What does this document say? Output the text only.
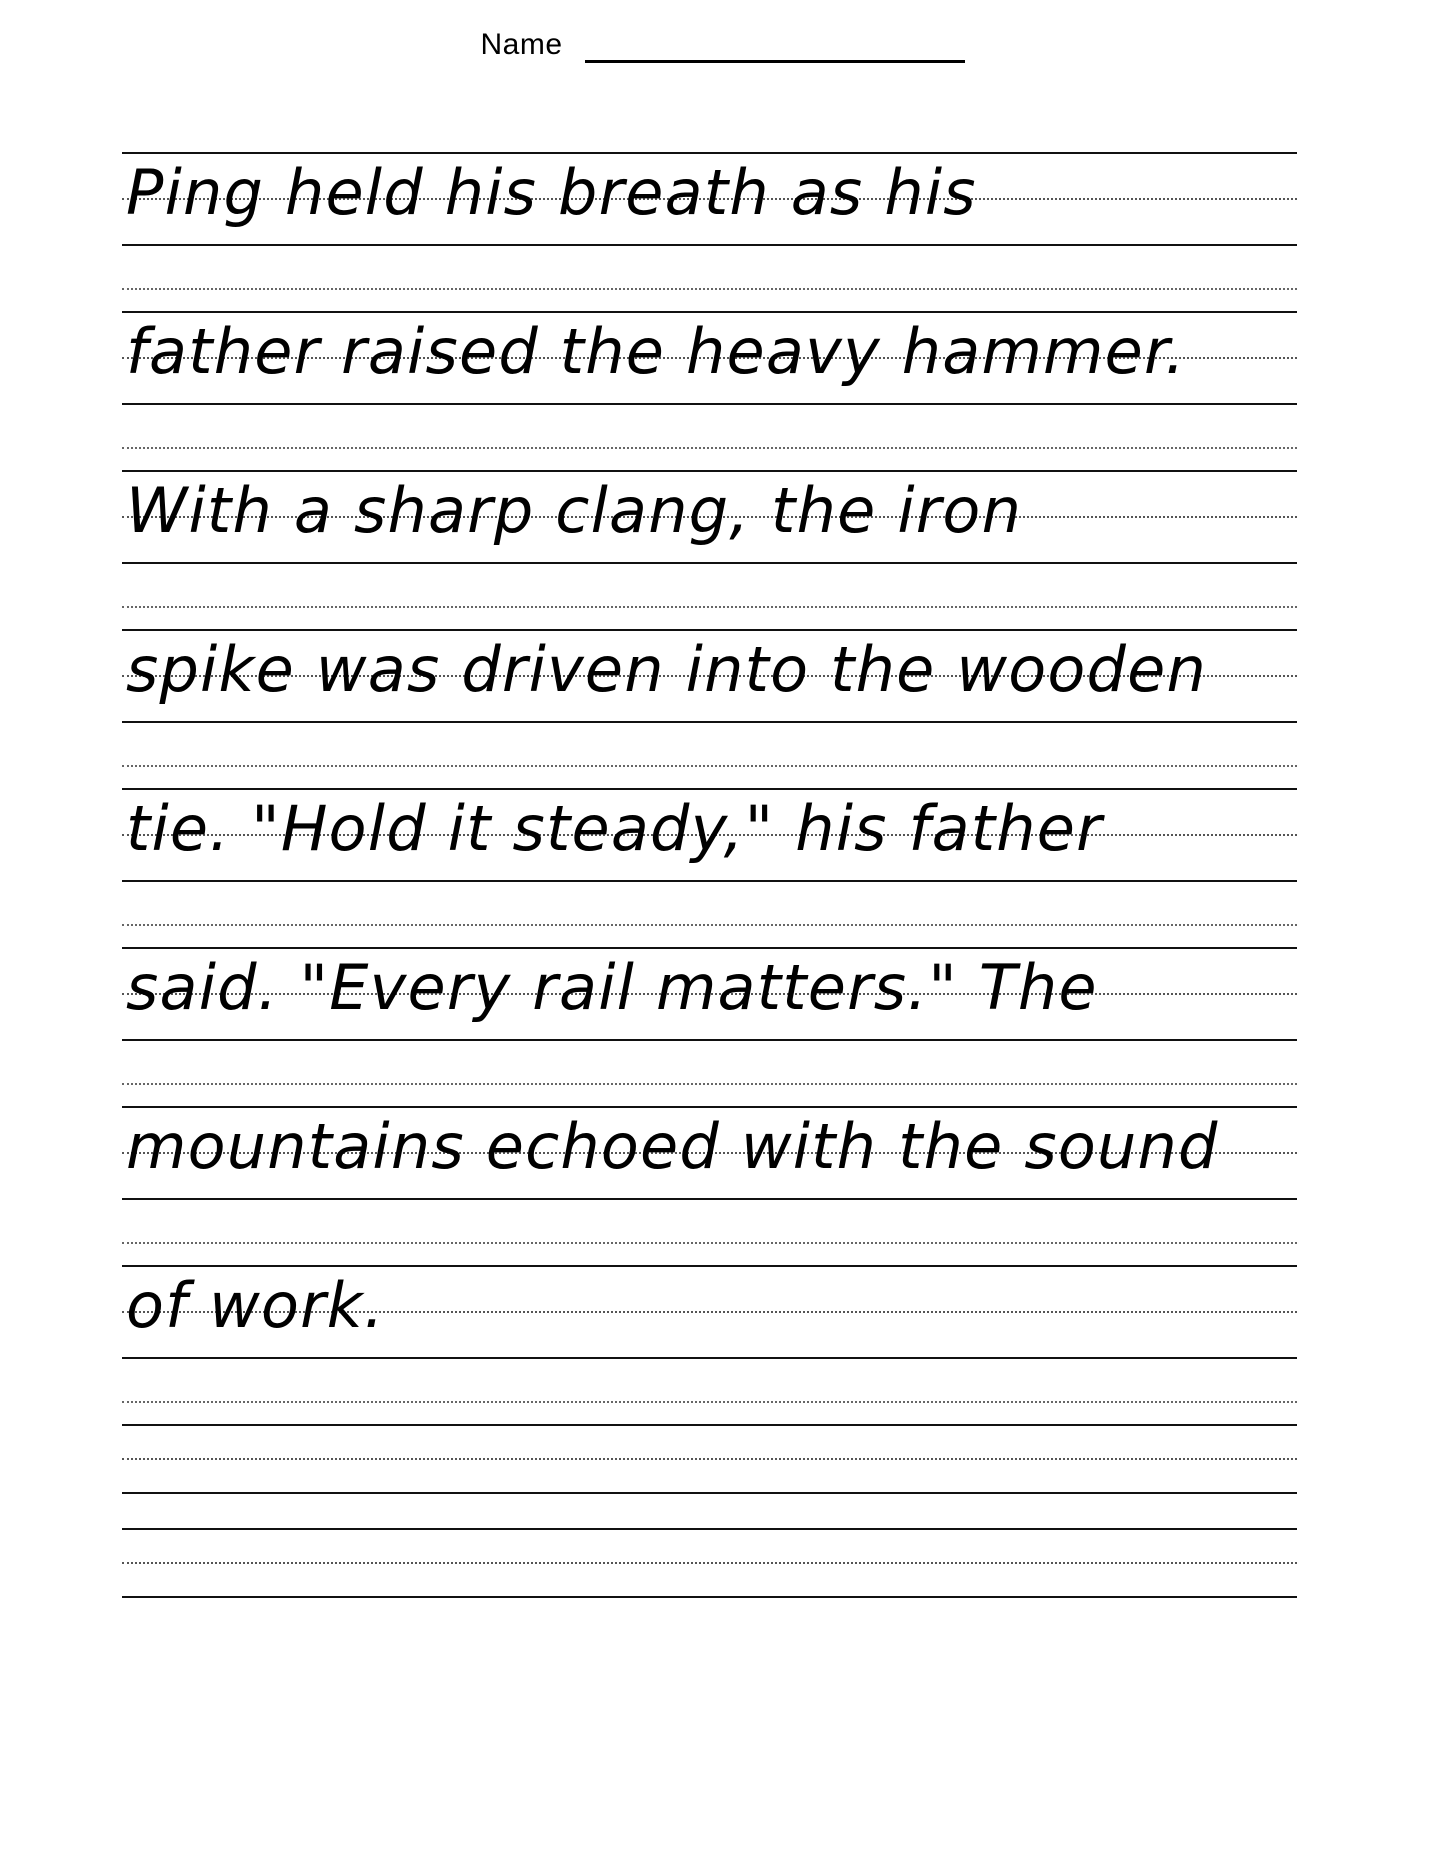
Name
Ping held his breath as his
father raised the heavy hammer.
With a sharp clang, the iron
spike was driven into the wooden
tie. "Hold it steady," his father
said. "Every rail matters." The
mountains echoed with the sound
of work.
